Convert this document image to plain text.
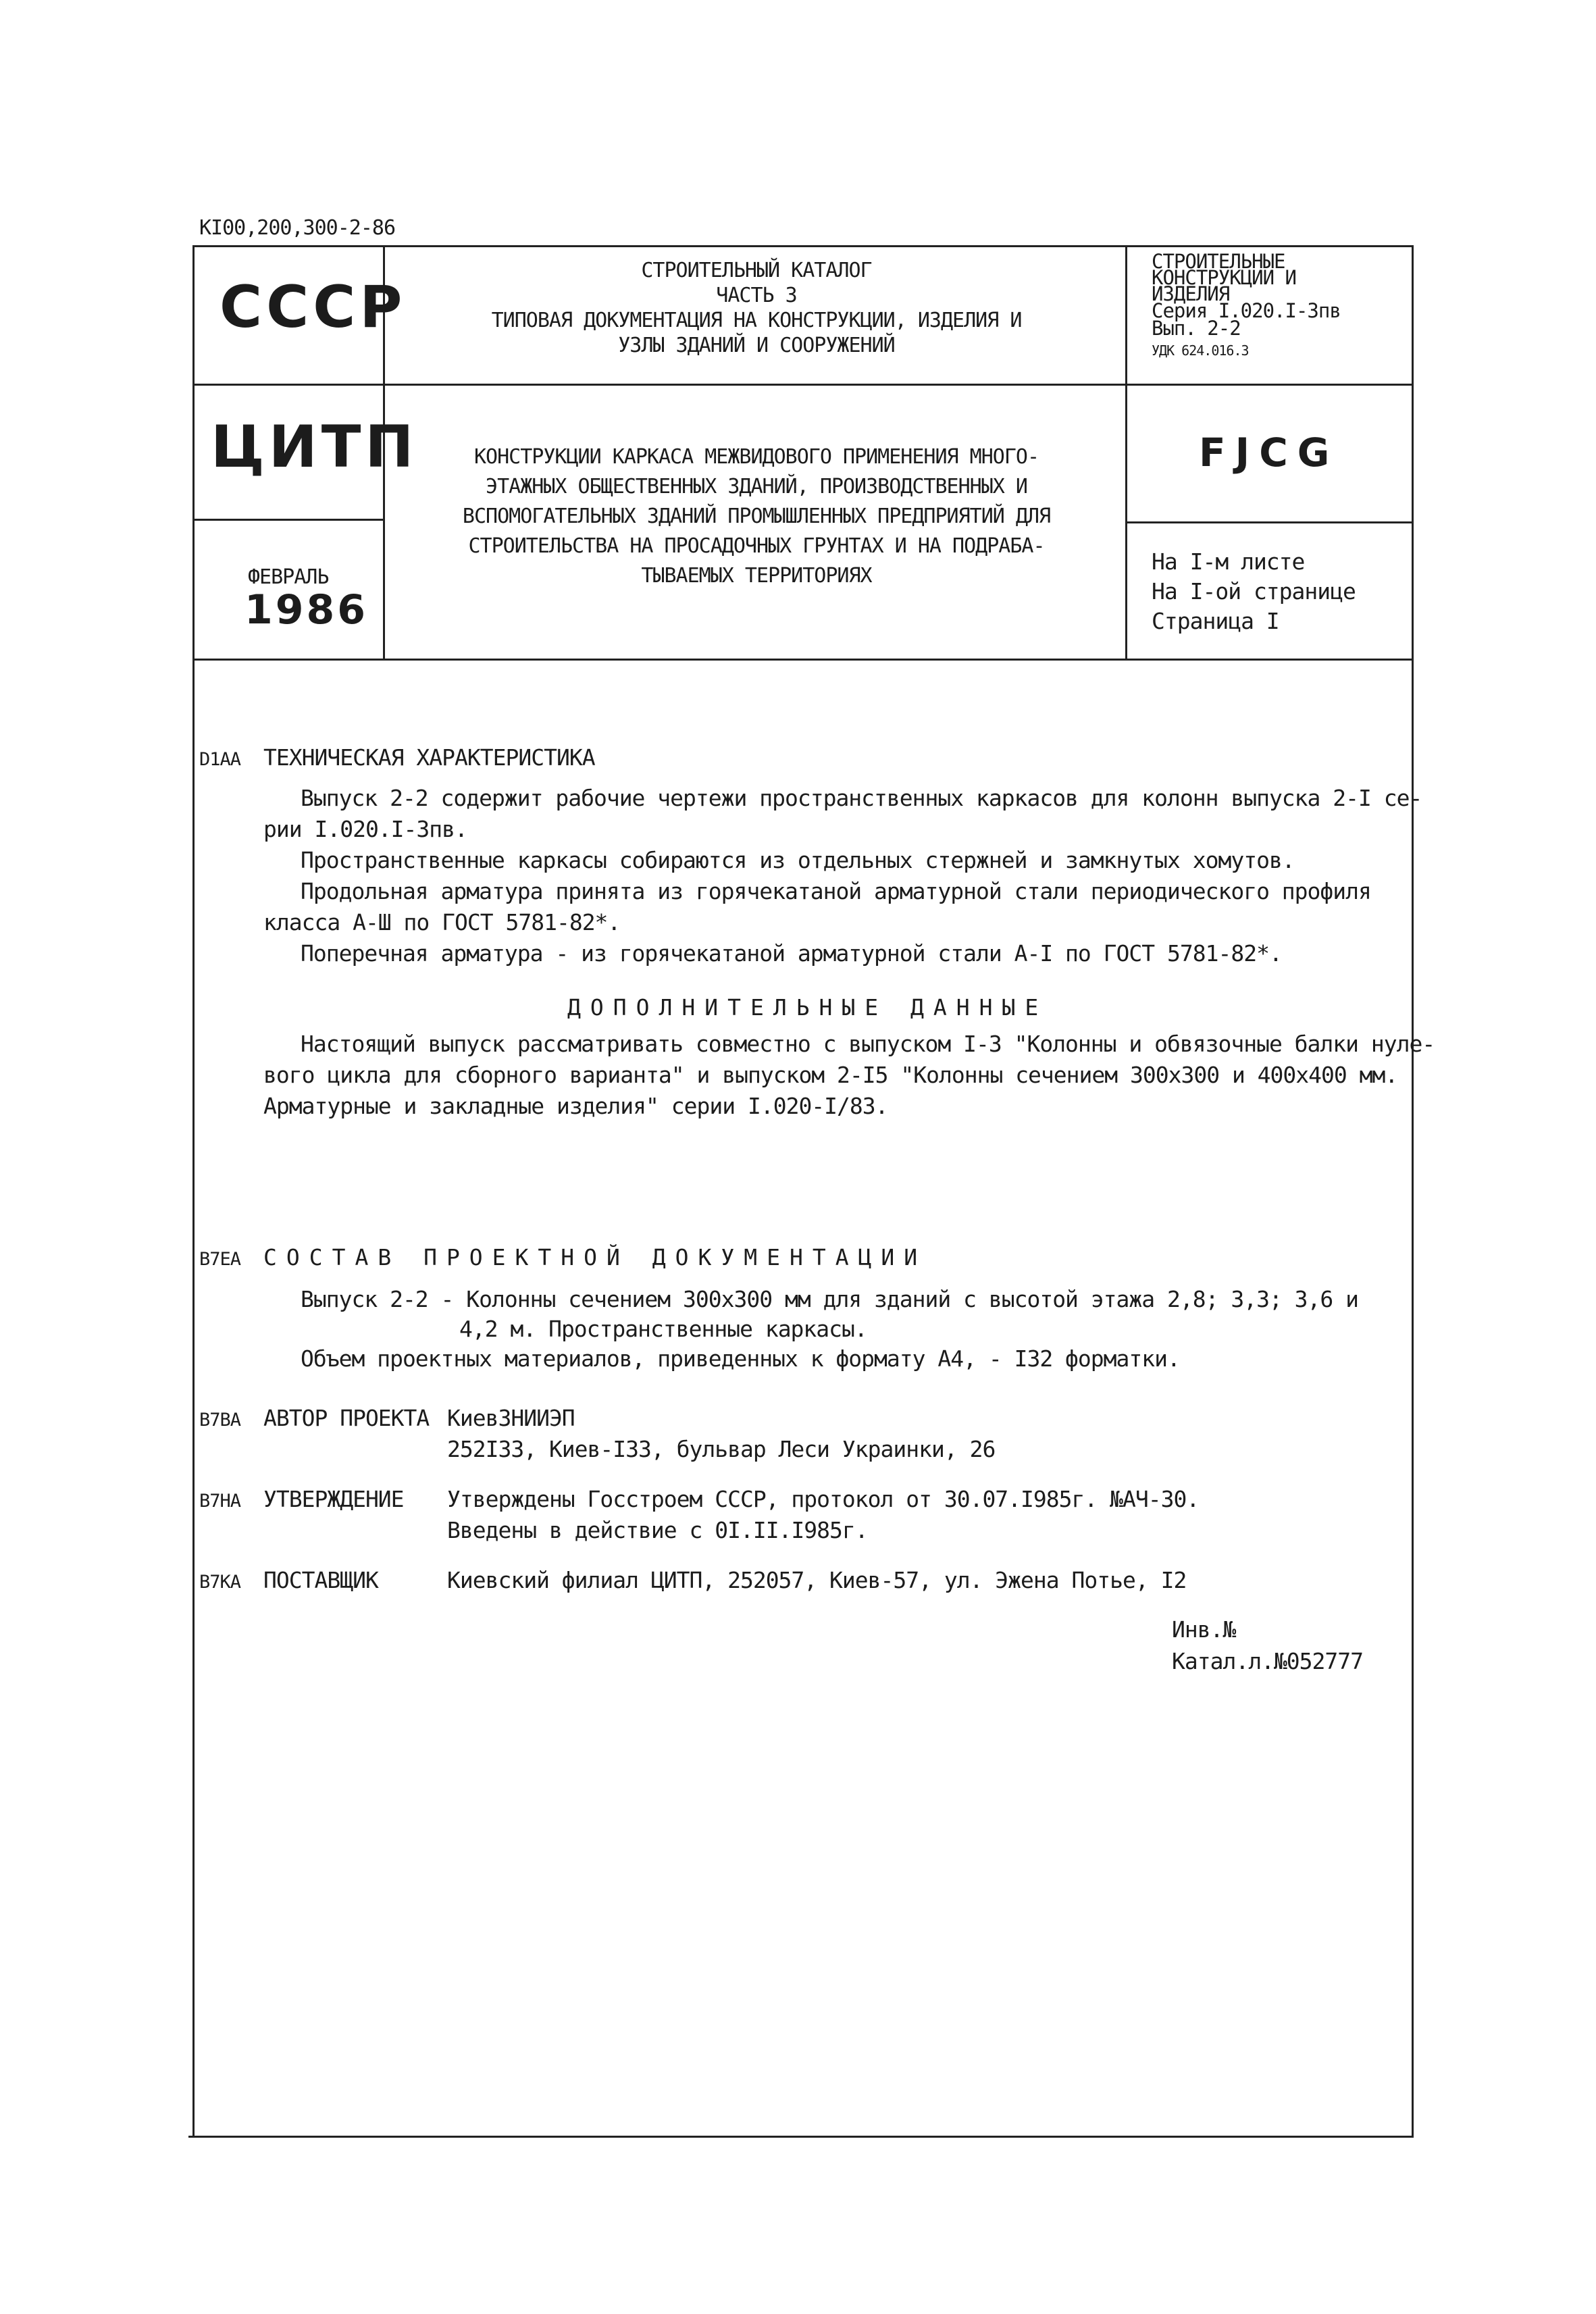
КI00,200,300-2-86
СССР
ЦИТП
ФЕВРАЛЬ
1986
СТРОИТЕЛЬНЫЙ КАТАЛОГ
ЧАСТЬ 3
ТИПОВАЯ ДОКУМЕНТАЦИЯ НА КОНСТРУКЦИИ, ИЗДЕЛИЯ И
УЗЛЫ ЗДАНИЙ И СООРУЖЕНИЙ
КОНСТРУКЦИИ КАРКАСА МЕЖВИДОВОГО ПРИМЕНЕНИЯ МНОГО-
ЭТАЖНЫХ ОБЩЕСТВЕННЫХ ЗДАНИЙ, ПРОИЗВОДСТВЕННЫХ И
ВСПОМОГАТЕЛЬНЫХ ЗДАНИЙ ПРОМЫШЛЕННЫХ ПРЕДПРИЯТИЙ ДЛЯ
СТРОИТЕЛЬСТВА НА ПРОСАДОЧНЫХ ГРУНТАХ И НА ПОДРАБА-
ТЫВАЕМЫХ ТЕРРИТОРИЯХ
СТРОИТЕЛЬНЫЕ
КОНСТРУКЦИИ И
ИЗДЕЛИЯ
Серия I.020.I-3пв
Вып. 2-2
УДК 624.016.3
FJCG
На I-м листе
На I-ой странице
Страница I
D1AA ТЕХНИЧЕСКАЯ ХАРАКТЕРИСТИКА
Выпуск 2-2 содержит рабочие чертежи пространственных каркасов для колонн выпуска 2-I се-
рии I.020.I-3пв.
Пространственные каркасы собираются из отдельных стержней и замкнутых хомутов.
Продольная арматура принята из горячекатаной арматурной стали периодического профиля
класса А-Ш по ГОСТ 5781-82*.
Поперечная арматура - из горячекатаной арматурной стали А-I по ГОСТ 5781-82*.
ДОПОЛНИТЕЛЬНЫЕ ДАННЫЕ
Настоящий выпуск рассматривать совместно с выпуском I-3 "Колонны и обвязочные балки нуле-
вого цикла для сборного варианта" и выпуском 2-I5 "Колонны сечением 300х300 и 400х400 мм.
Арматурные и закладные изделия" серии I.020-I/83.
B7EA СОСТАВ ПРОЕКТНОЙ ДОКУМЕНТАЦИИ
Выпуск 2-2 - Колонны сечением 300х300 мм для зданий с высотой этажа 2,8; 3,3; 3,6 и
4,2 м. Пространственные каркасы.
Объем проектных материалов, приведенных к формату А4, - I32 форматки.
B7BA АВТОР ПРОЕКТА КиевЗНИИЭП
252I33, Киев-I33, бульвар Леси Украинки, 26
B7HA УТВЕРЖДЕНИЕ Утверждены Госстроем СССР, протокол от 30.07.I985г. №АЧ-30.
Введены в действие с 0I.II.I985г.
B7KA ПОСТАВЩИК	Киевский филиал ЦИТП, 252057, Киев-57, ул. Эжена Потье, I2
Инв.№
Катал.л.№052777
